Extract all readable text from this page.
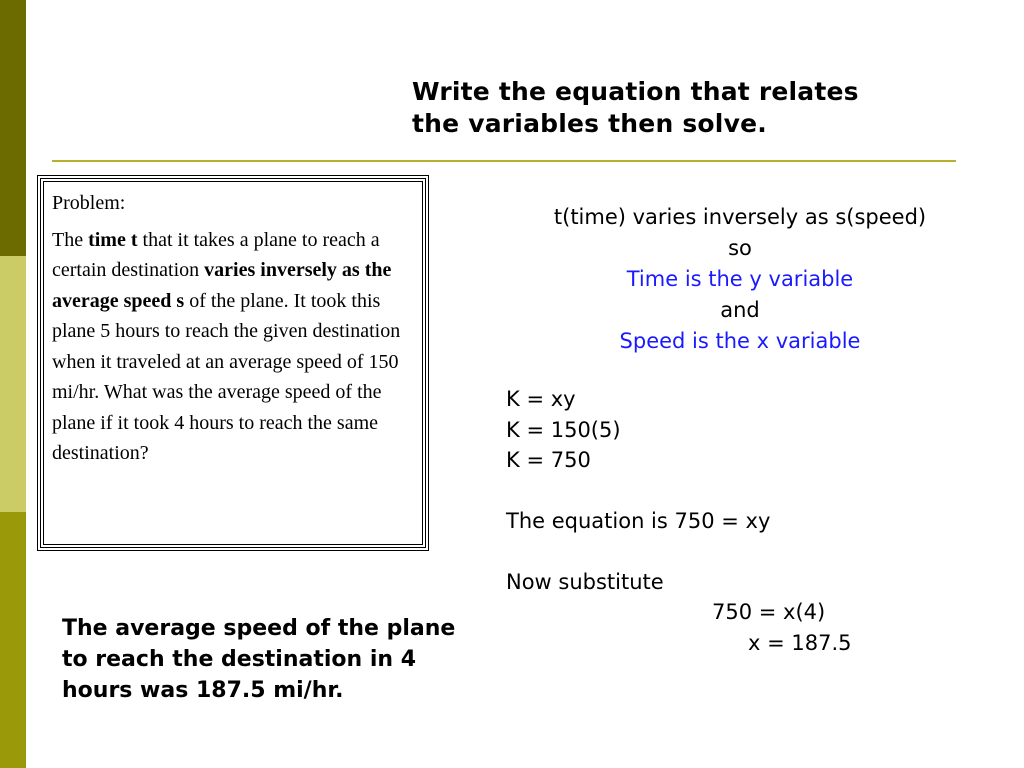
Write the equation that relates
the variables then solve.

Problem:

The time t that it takes a plane to reach a certain destination varies inversely as the average speed s of the plane. It took this plane 5 hours to reach the given destination when it traveled at an average speed of 150 mi/hr. What was the average speed of the plane if it took 4 hours to reach the same destination?

t(time) varies inversely as s(speed)
so
Time is the y variable
and
Speed is the x variable
K = xy
K = 150(5)
K = 750
The equation is 750 = xy
Now substitute
750 = x(4)
x = 187.5
The average speed of the plane
to reach the destination in 4
hours was 187.5 mi/hr.
